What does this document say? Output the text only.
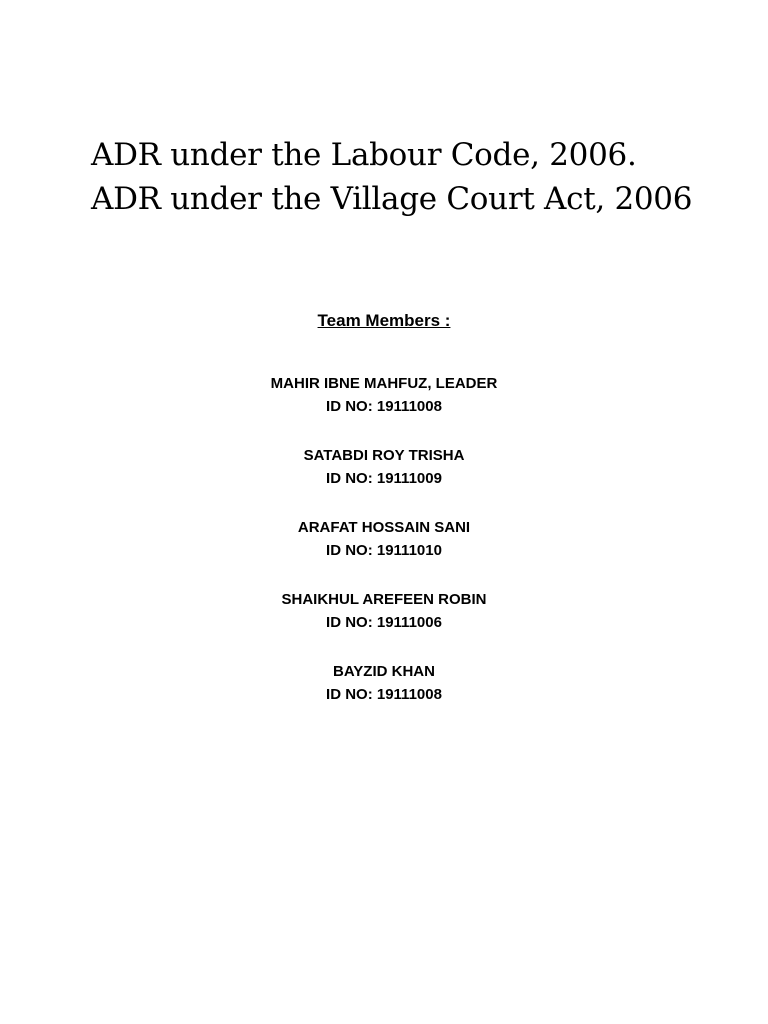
ADR under the Labour Code, 2006. ADR under the Village Court Act, 2006
Team Members :
MAHIR IBNE MAHFUZ, LEADER
ID NO: 19111008
SATABDI ROY TRISHA
ID NO: 19111009
ARAFAT HOSSAIN SANI
ID NO: 19111010
SHAIKHUL AREFEEN ROBIN
ID NO: 19111006
BAYZID KHAN
ID NO: 19111008
